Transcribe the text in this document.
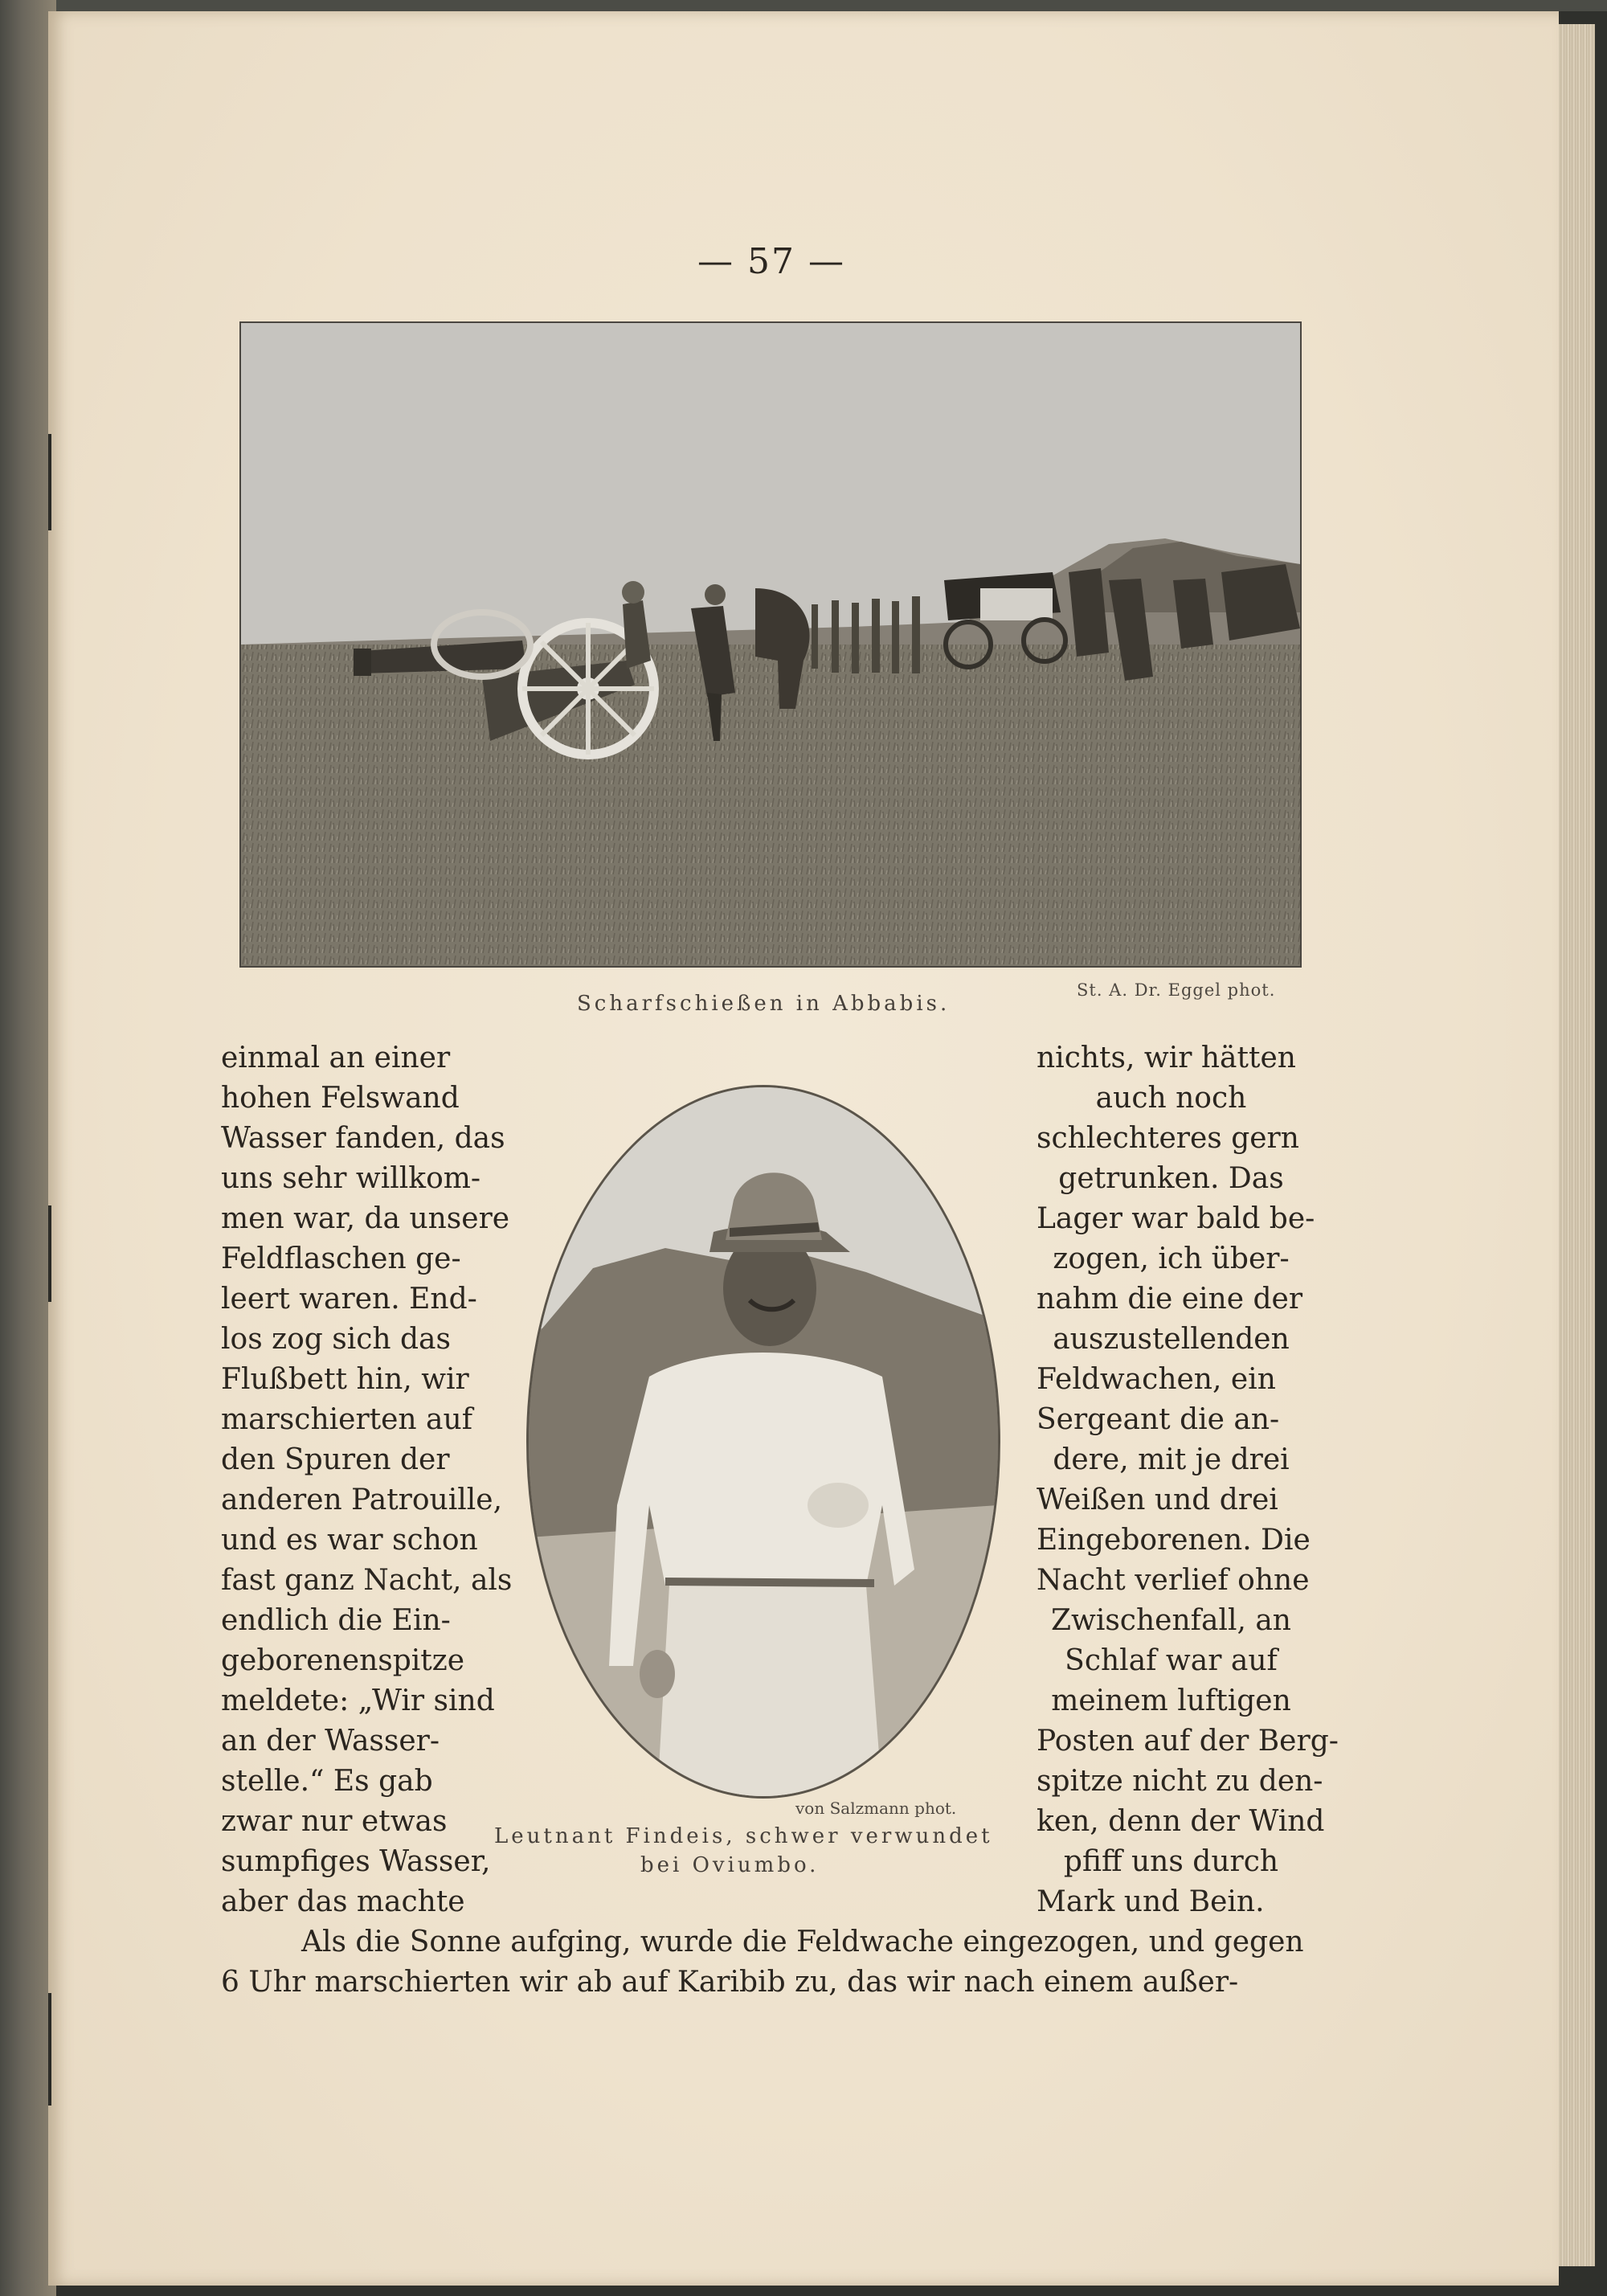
— 57 —
St. A. Dr. Eggel phot.
Scharfschießen in Abbabis.
einmal an einer
hohen Felswand
Wasser fanden, das
uns sehr willkom-
men war, da unsere
Feldflaschen ge-
leert waren. End-
los zog sich das
Flußbett hin, wir
marschierten auf
den Spuren der
anderen Patrouille,
und es war schon
fast ganz Nacht, als
endlich die Ein-
geborenenspitze
meldete: „Wir sind
an der Wasser-
stelle.“ Es gab
zwar nur etwas
sumpfiges Wasser,
aber das machte
von Salzmann phot.
Leutnant Findeis, schwer verwundet
bei Oviumbo.
nichts, wir hätten
auch noch
schlechteres gern
getrunken. Das
Lager war bald be-
zogen, ich über-
nahm die eine der
auszustellenden
Feldwachen, ein
Sergeant die an-
dere, mit je drei
Weißen und drei
Eingeborenen. Die
Nacht verlief ohne
Zwischenfall, an
Schlaf war auf
meinem luftigen
Posten auf der Berg-
spitze nicht zu den-
ken, denn der Wind
pfiff uns durch
Mark und Bein.
Als die Sonne aufging, wurde die Feldwache eingezogen, und gegen
6 Uhr marschierten wir ab auf Karibib zu, das wir nach einem außer-
